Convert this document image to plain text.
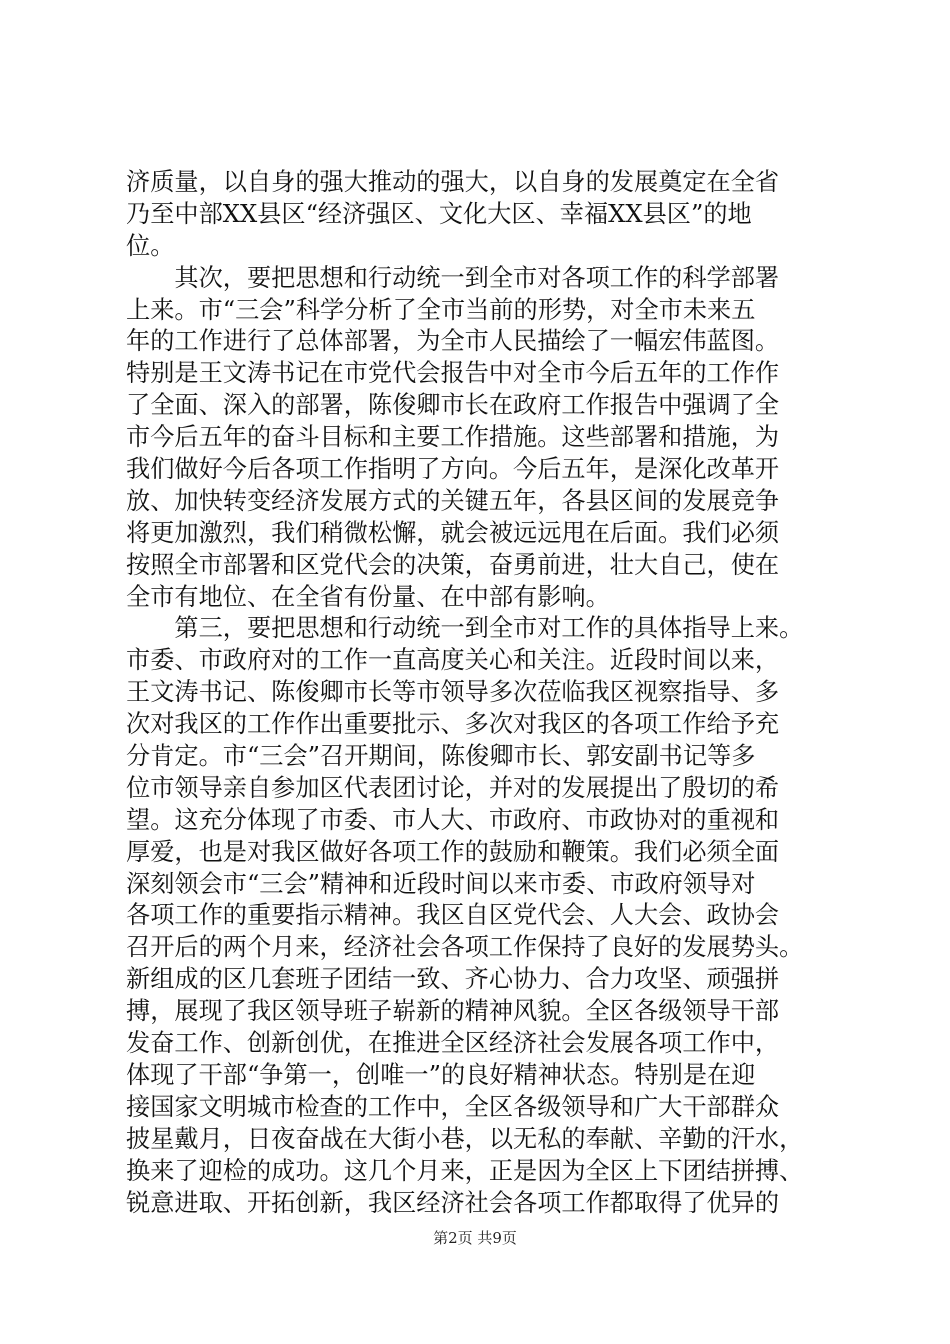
济质量，以自身的强大推动的强大，以自身的发展奠定在全省
乃至中部XX县区“经济强区、文化大区、幸福XX县区”的地
位。
　　其次，要把思想和行动统一到全市对各项工作的科学部署
上来。市“三会”科学分析了全市当前的形势，对全市未来五
年的工作进行了总体部署，为全市人民描绘了一幅宏伟蓝图。
特别是王文涛书记在市党代会报告中对全市今后五年的工作作
了全面、深入的部署，陈俊卿市长在政府工作报告中强调了全
市今后五年的奋斗目标和主要工作措施。这些部署和措施，为
我们做好今后各项工作指明了方向。今后五年，是深化改革开
放、加快转变经济发展方式的关键五年，各县区间的发展竞争
将更加激烈，我们稍微松懈，就会被远远甩在后面。我们必须
按照全市部署和区党代会的决策，奋勇前进，壮大自己，使在
全市有地位、在全省有份量、在中部有影响。
　　第三，要把思想和行动统一到全市对工作的具体指导上来。
市委、市政府对的工作一直高度关心和关注。近段时间以来，
王文涛书记、陈俊卿市长等市领导多次莅临我区视察指导、多
次对我区的工作作出重要批示、多次对我区的各项工作给予充
分肯定。市“三会”召开期间，陈俊卿市长、郭安副书记等多
位市领导亲自参加区代表团讨论，并对的发展提出了殷切的希
望。这充分体现了市委、市人大、市政府、市政协对的重视和
厚爱，也是对我区做好各项工作的鼓励和鞭策。我们必须全面
深刻领会市“三会”精神和近段时间以来市委、市政府领导对
各项工作的重要指示精神。我区自区党代会、人大会、政协会
召开后的两个月来，经济社会各项工作保持了良好的发展势头。
新组成的区几套班子团结一致、齐心协力、合力攻坚、顽强拼
搏，展现了我区领导班子崭新的精神风貌。全区各级领导干部
发奋工作、创新创优，在推进全区经济社会发展各项工作中，
体现了干部“争第一，创唯一”的良好精神状态。特别是在迎
接国家文明城市检查的工作中，全区各级领导和广大干部群众
披星戴月，日夜奋战在大街小巷，以无私的奉献、辛勤的汗水，
换来了迎检的成功。这几个月来，正是因为全区上下团结拼搏、
锐意进取、开拓创新，我区经济社会各项工作都取得了优异的
第2页 共9页
